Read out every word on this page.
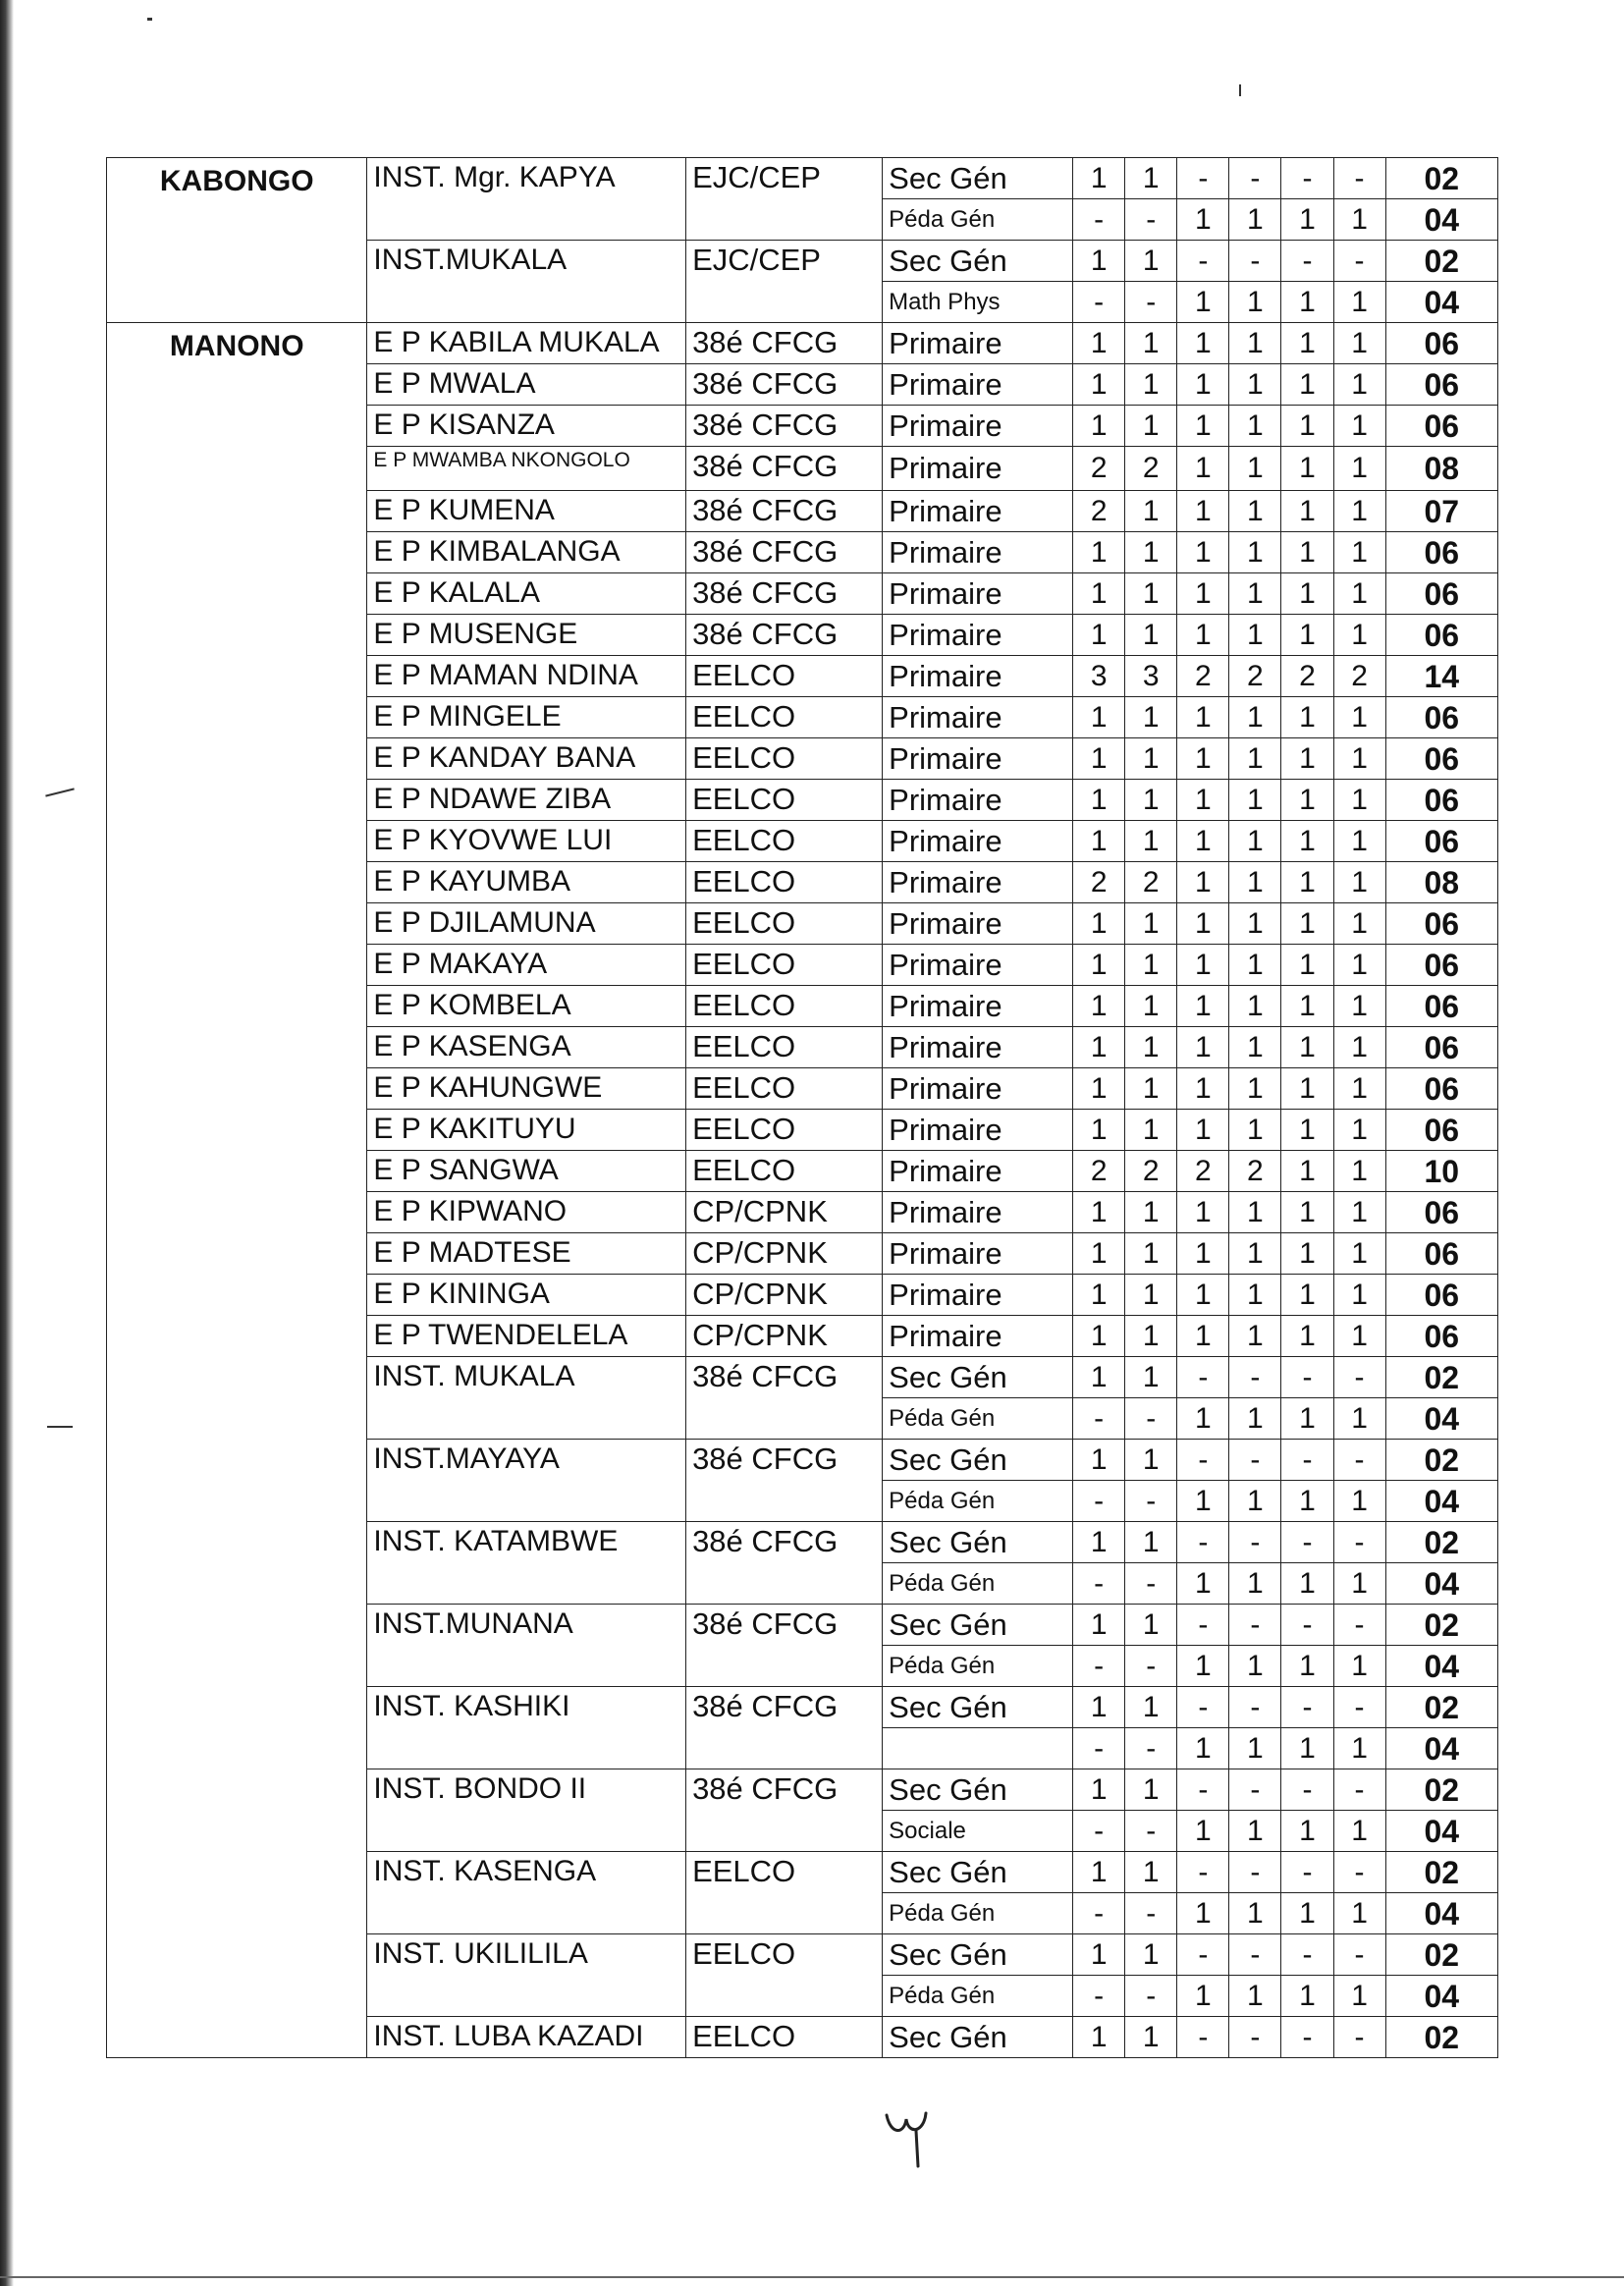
KABONGO	INST. Mgr. KAPYA	EJC/CEP	Sec Gén	1	1	-	-	-	-	02
			Péda Gén	-	-	1	1	1	1	04
	INST.MUKALA	EJC/CEP	Sec Gén	1	1	-	-	-	-	02
			Math Phys	-	-	1	1	1	1	04
MANONO	E P KABILA MUKALA	38é CFCG	Primaire	1	1	1	1	1	1	06
	E P MWALA	38é CFCG	Primaire	1	1	1	1	1	1	06
	E P KISANZA	38é CFCG	Primaire	1	1	1	1	1	1	06
	E P MWAMBA NKONGOLO	38é CFCG	Primaire	2	2	1	1	1	1	08
	E P KUMENA	38é CFCG	Primaire	2	1	1	1	1	1	07
	E P KIMBALANGA	38é CFCG	Primaire	1	1	1	1	1	1	06
	E P KALALA	38é CFCG	Primaire	1	1	1	1	1	1	06
	E P MUSENGE	38é CFCG	Primaire	1	1	1	1	1	1	06
	E P MAMAN NDINA	EELCO	Primaire	3	3	2	2	2	2	14
	E P MINGELE	EELCO	Primaire	1	1	1	1	1	1	06
	E P KANDAY BANA	EELCO	Primaire	1	1	1	1	1	1	06
	E P NDAWE ZIBA	EELCO	Primaire	1	1	1	1	1	1	06
	E P KYOVWE LUI	EELCO	Primaire	1	1	1	1	1	1	06
	E P KAYUMBA	EELCO	Primaire	2	2	1	1	1	1	08
	E P DJILAMUNA	EELCO	Primaire	1	1	1	1	1	1	06
	E P MAKAYA	EELCO	Primaire	1	1	1	1	1	1	06
	E P KOMBELA	EELCO	Primaire	1	1	1	1	1	1	06
	E P KASENGA	EELCO	Primaire	1	1	1	1	1	1	06
	E P KAHUNGWE	EELCO	Primaire	1	1	1	1	1	1	06
	E P KAKITUYU	EELCO	Primaire	1	1	1	1	1	1	06
	E P SANGWA	EELCO	Primaire	2	2	2	2	1	1	10
	E P KIPWANO	CP/CPNK	Primaire	1	1	1	1	1	1	06
	E P MADTESE	CP/CPNK	Primaire	1	1	1	1	1	1	06
	E P KININGA	CP/CPNK	Primaire	1	1	1	1	1	1	06
	E P TWENDELELA	CP/CPNK	Primaire	1	1	1	1	1	1	06
	INST. MUKALA	38é CFCG	Sec Gén	1	1	-	-	-	-	02
			Péda Gén	-	-	1	1	1	1	04
	INST.MAYAYA	38é CFCG	Sec Gén	1	1	-	-	-	-	02
			Péda Gén	-	-	1	1	1	1	04
	INST. KATAMBWE	38é CFCG	Sec Gén	1	1	-	-	-	-	02
			Péda Gén	-	-	1	1	1	1	04
	INST.MUNANA	38é CFCG	Sec Gén	1	1	-	-	-	-	02
			Péda Gén	-	-	1	1	1	1	04
	INST. KASHIKI	38é CFCG	Sec Gén	1	1	-	-	-	-	02
				-	-	1	1	1	1	04
	INST. BONDO II	38é CFCG	Sec Gén	1	1	-	-	-	-	02
			Sociale	-	-	1	1	1	1	04
	INST. KASENGA	EELCO	Sec Gén	1	1	-	-	-	-	02
			Péda Gén	-	-	1	1	1	1	04
	INST. UKILILILA	EELCO	Sec Gén	1	1	-	-	-	-	02
			Péda Gén	-	-	1	1	1	1	04
	INST. LUBA KAZADI	EELCO	Sec Gén	1	1	-	-	-	-	02
4
